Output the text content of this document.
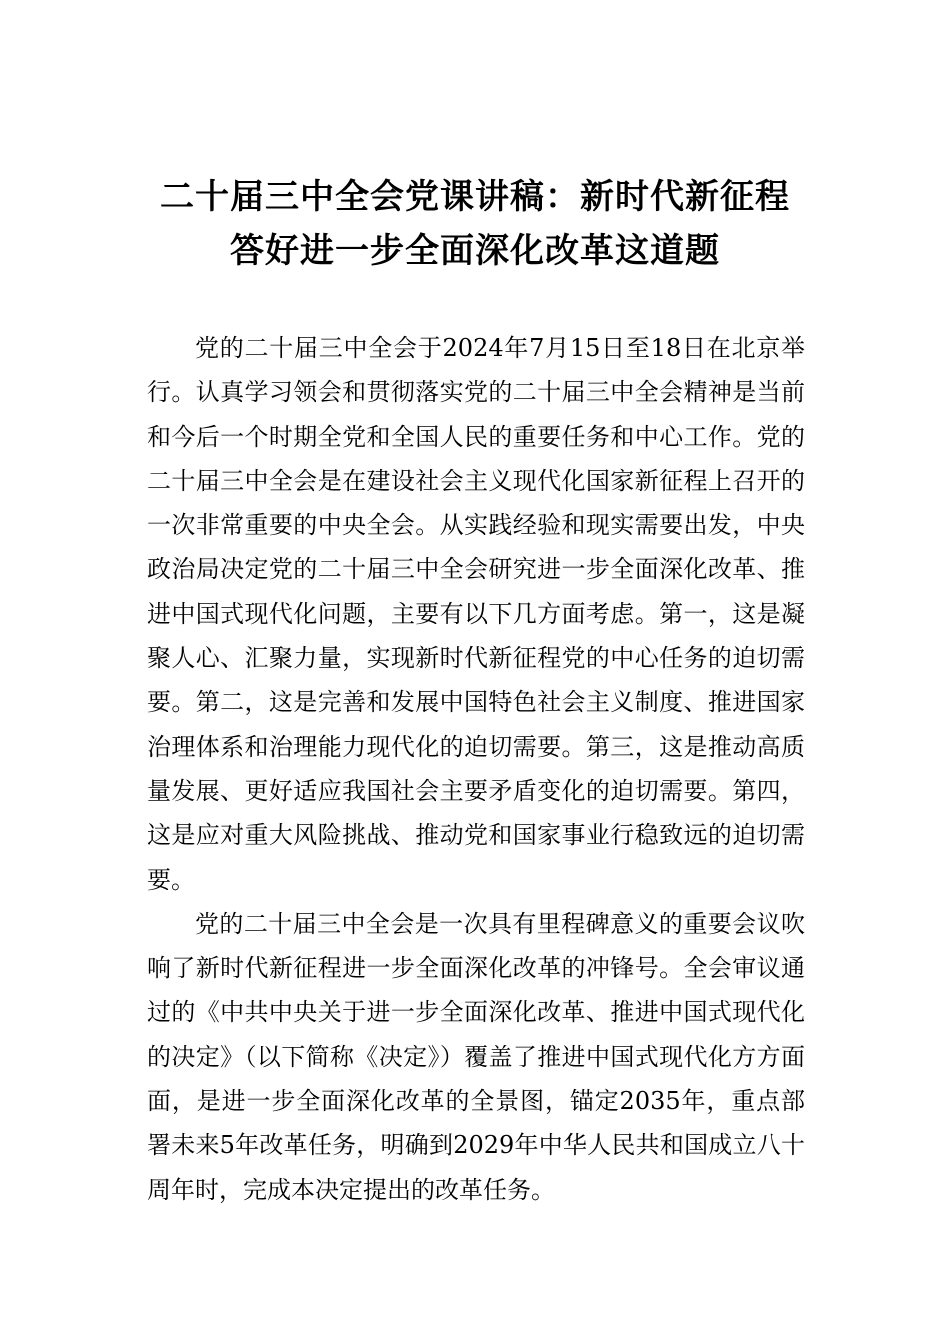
二十届三中全会党课讲稿：新时代新征程
答好进一步全面深化改革这道题

党的二十届三中全会于2024年7月15日至18日在北京举行。认真学习领会和贯彻落实党的二十届三中全会精神是当前和今后一个时期全党和全国人民的重要任务和中心工作。党的二十届三中全会是在建设社会主义现代化国家新征程上召开的一次非常重要的中央全会。从实践经验和现实需要出发，中央政治局决定党的二十届三中全会研究进一步全面深化改革、推进中国式现代化问题，主要有以下几方面考虑。第一，这是凝聚人心、汇聚力量，实现新时代新征程党的中心任务的迫切需要。第二，这是完善和发展中国特色社会主义制度、推进国家治理体系和治理能力现代化的迫切需要。第三，这是推动高质量发展、更好适应我国社会主要矛盾变化的迫切需要。第四，这是应对重大风险挑战、推动党和国家事业行稳致远的迫切需要。

党的二十届三中全会是一次具有里程碑意义的重要会议吹响了新时代新征程进一步全面深化改革的冲锋号。全会审议通过的《中共中央关于进一步全面深化改革、推进中国式现代化的决定》（以下简称《决定》）覆盖了推进中国式现代化方方面面，是进一步全面深化改革的全景图，锚定2035年，重点部署未来5年改革任务，明确到2029年中华人民共和国成立八十周年时，完成本决定提出的改革任务。
